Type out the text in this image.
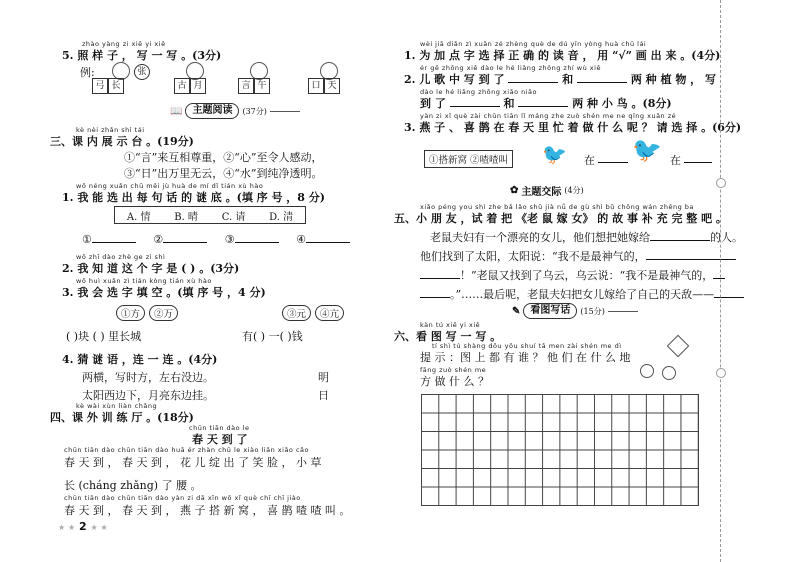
zhào yàng zi xiě yi xiě
5. 照 样 子 ， 写 一 写 。(3分)
例:
弓 长
张
古 月	言 午	口 天
📖	主题阅读	(37分)
kè nèi zhǎn shì tái
三、课 内 展 示 台 。(19分)
①“言”来互相尊重，②“心”至令人感动，
③“日”出万里无云，④“水”到纯净透明。
wǒ néng xuǎn chū měi jù huà de mí dǐ tián xù hào
1. 我 能 选 出 每 句 话 的 谜 底 。(填 序 号 ，8 分)
A. 情 B. 晴 C. 请 D. 清
①	②	③	④
wǒ zhī dào zhè ge zì shì
2. 我 知 道 这 个 字 是 ( ) 。(3分)
wǒ huì xuǎn zì tián kòng tián xù hào
3. 我 会 选 字 填 空 。(填 序 号 ，4 分)
①方	②万	③元	④亢
( )块 ( ) 里长城	有( ) 一( )钱
4. 猜 谜 语 ，连 一 连 。(4分)
两横，写时方，左右没边。
太阳西边下，月亮东边挂。
明
日
kè wài xùn liàn chǎng
四、课 外 训 练 厅 。(18分)
chūn tiān dào le
春 天 到 了
chūn tiān dào chūn tiān dào huā ér zhàn chū le xiào liǎn xiǎo cǎo
春 天 到 ， 春 天 到 ， 花 儿 绽 出 了 笑 脸 ， 小 草
长 (cháng zhǎng) 了 腰 。
chūn tiān dào chūn tiān dào yàn zi dā xīn wō xǐ què chī chī jiào
春 天 到 ， 春 天 到 ， 燕 子 搭 新 窝 ， 喜 鹊 喳 喳 叫 。
★ ★ 2 ★ ★
wèi jiā diǎn zì xuǎn zé zhèng què de dú yīn yòng huà chū lái
1. 为 加 点 字 选 择 正 确 的 读 音 ， 用 “√” 画 出 来 。(4分)
ér gē zhōng xiě dào le hé liǎng zhǒng zhí wù xiě
2. 儿 歌 中 写 到 了	和	两 种 植 物 ， 写
dào le hé liǎng zhǒng xiǎo niǎo
到 了	和	两 种 小 鸟 。(8分)
yàn zi xǐ què zài chūn tiān lǐ máng zhe zuò shén me ne qǐng xuǎn zé
3. 燕 子 、 喜 鹊 在 春 天 里 忙 着 做 什 么 呢 ？ 请 选 择 。(6分)
①搭新窝 ②喳喳叫 🐦 在 🐦 在
✿ 主题交际 (4分)
xiǎo péng you shì zhe bǎ lǎo shǔ jià nǚ de gù shì bǔ chōng wán zhěng ba
五、小 朋 友 ，试 着 把 《老 鼠 嫁 女》 的 故 事 补 充 完 整 吧 。
老鼠夫妇有一个漂亮的女儿，他们想把她嫁给	的人。
他们找到了太阳，太阳说：“我不是最神气的，
！”老鼠又找到了乌云，乌云说：“我不是最神气的，
。”……最后呢，老鼠夫妇把女儿嫁给了自己的天敌——
✎	看图写话	(15分)
kàn tú xiě yi xiě
六、看 图 写 一 写 。
tí shì tú shàng dōu yǒu shuí tā men zài shén me dì
提 示 ：图 上 都 有 谁 ？ 他 们 在 什 么 地
fāng zuò shén me
方 做 什 么 ？
